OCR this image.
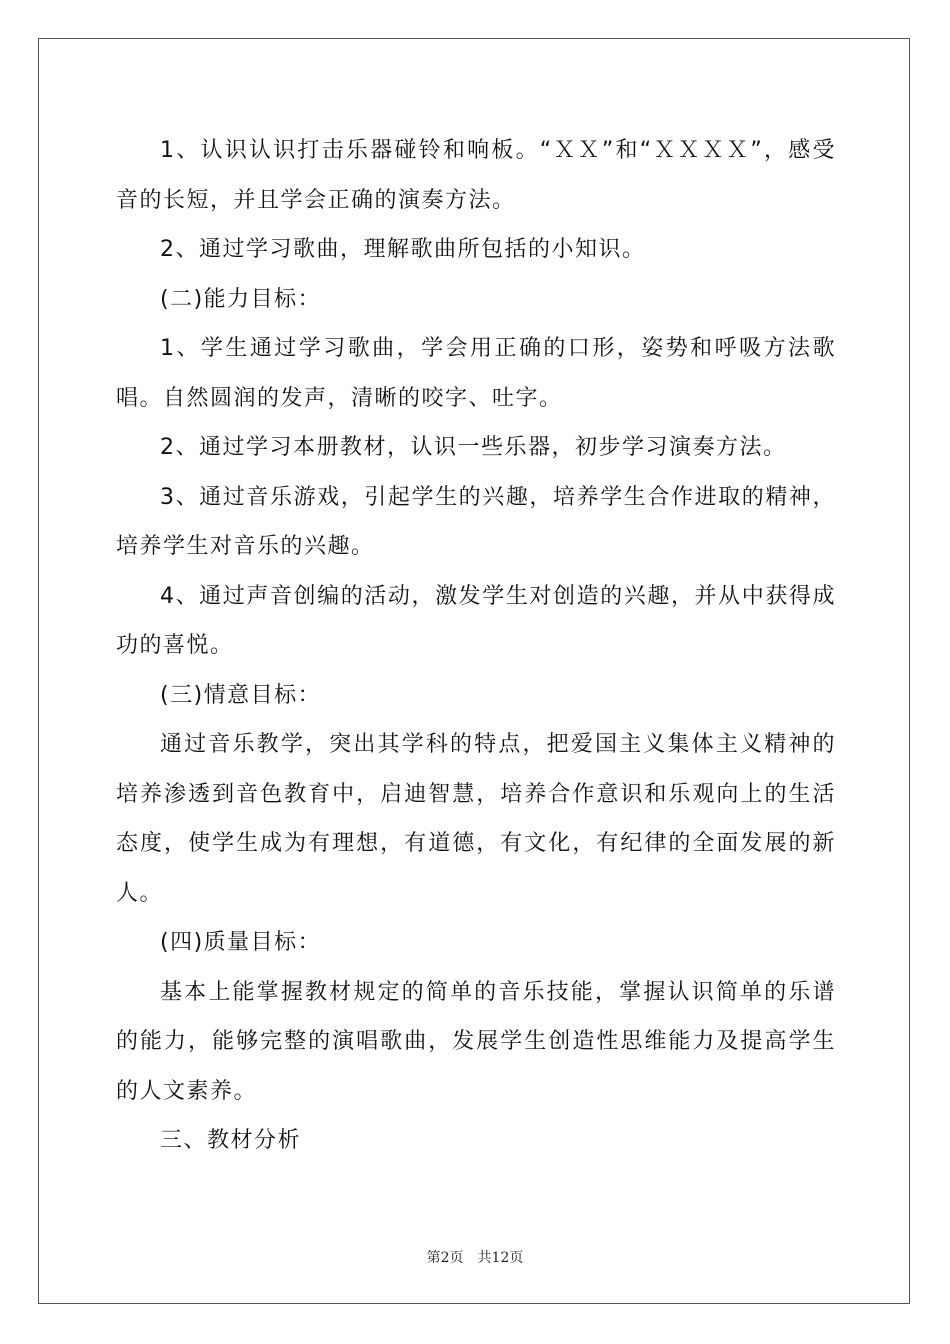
1、认识认识打击乐器碰铃和响板。“ＸＸ”和“ＸＸＸＸ”，感受音的长短，并且学会正确的演奏方法。

2、通过学习歌曲，理解歌曲所包括的小知识。

(二)能力目标：

1、学生通过学习歌曲，学会用正确的口形，姿势和呼吸方法歌唱。自然圆润的发声，清晰的咬字、吐字。

2、通过学习本册教材，认识一些乐器，初步学习演奏方法。

3、通过音乐游戏，引起学生的兴趣，培养学生合作进取的精神，培养学生对音乐的兴趣。

4、通过声音创编的活动，激发学生对创造的兴趣，并从中获得成功的喜悦。

(三)情意目标：

通过音乐教学，突出其学科的特点，把爱国主义集体主义精神的培养渗透到音色教育中，启迪智慧，培养合作意识和乐观向上的生活态度，使学生成为有理想，有道德，有文化，有纪律的全面发展的新人。

(四)质量目标：

基本上能掌握教材规定的简单的音乐技能，掌握认识简单的乐谱的能力，能够完整的演唱歌曲，发展学生创造性思维能力及提高学生的人文素养。

三、教材分析

第2页 共12页
